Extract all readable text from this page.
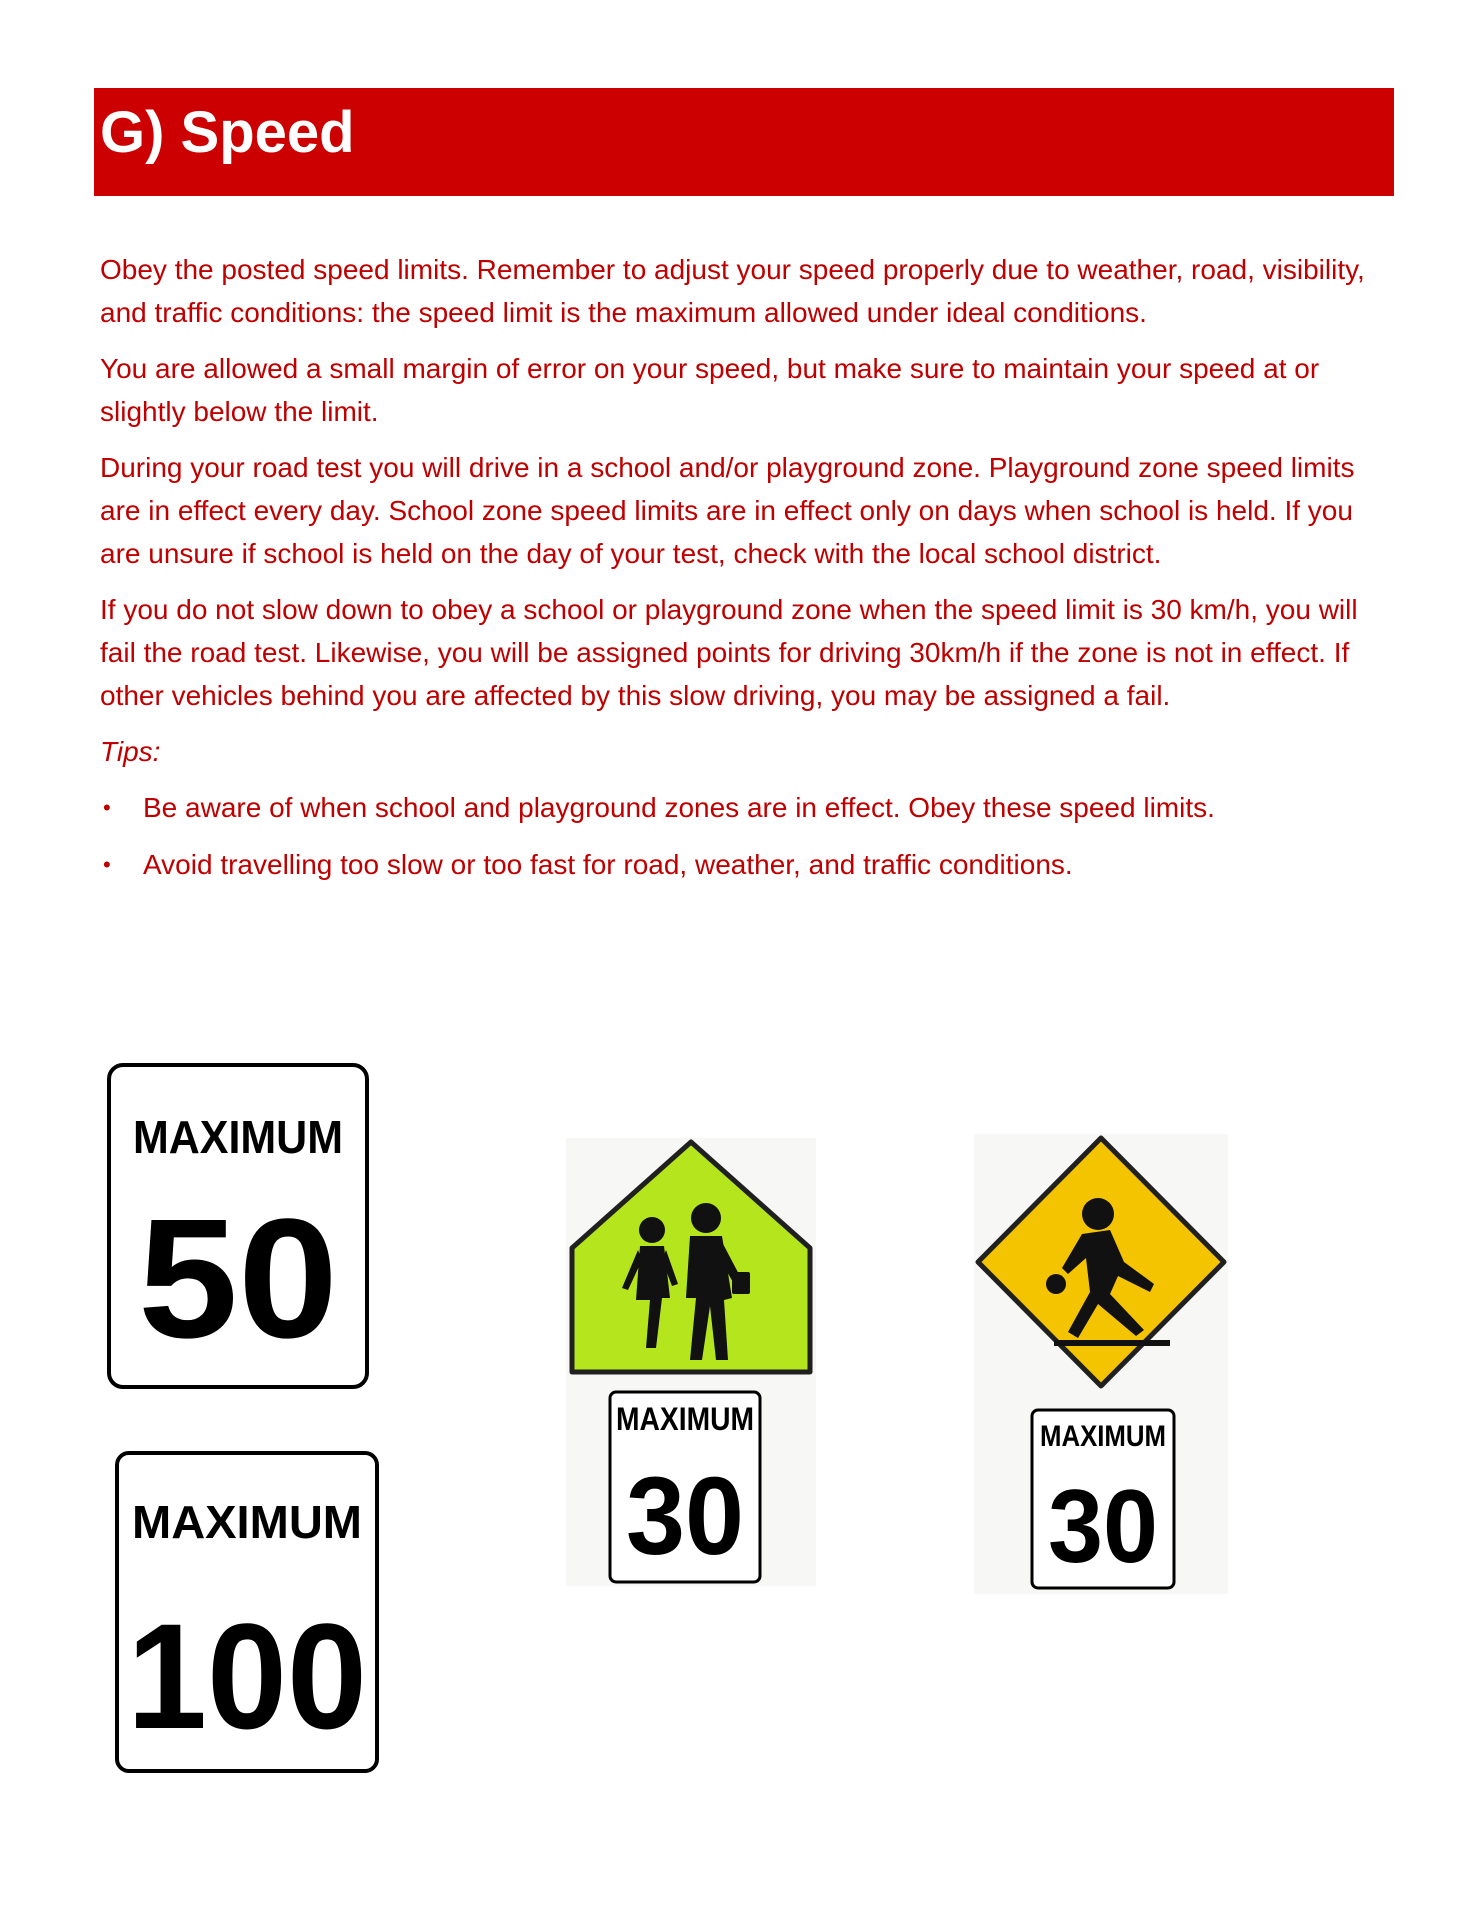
G) Speed

Obey the posted speed limits. Remember to adjust your speed properly due to weather, road, visibility, and traffic conditions: the speed limit is the maximum allowed under ideal conditions.

You are allowed a small margin of error on your speed, but make sure to maintain your speed at or slightly below the limit.

During your road test you will drive in a school and/or playground zone. Playground zone speed limits are in effect every day. School zone speed limits are in effect only on days when school is held. If you are unsure if school is held on the day of your test, check with the local school district.

If you do not slow down to obey a school or playground zone when the speed limit is 30 km/h, you will fail the road test. Likewise, you will be assigned points for driving 30km/h if the zone is not in effect. If other vehicles behind you are affected by this slow driving, you may be assigned a fail.

Tips:

• Be aware of when school and playground zones are in effect. Obey these speed limits.
• Avoid travelling too slow or too fast for road, weather, and traffic conditions.
MAXIMUM
50
MAXIMUM
100
MAXIMUM
30
MAXIMUM
30
